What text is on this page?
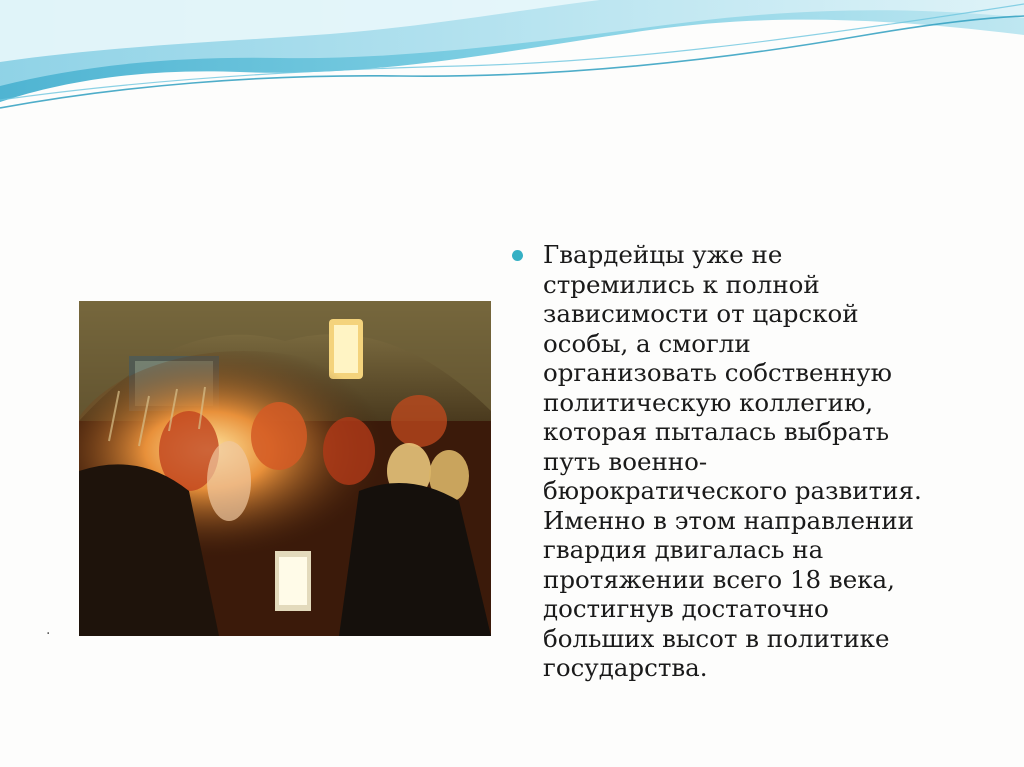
.
Гвардейцы уже не
стремились к полной
зависимости от царской
особы, а смогли
организовать собственную
политическую коллегию,
которая пыталась выбрать
путь военно-
бюрократического развития.
Именно в этом направлении
гвардия двигалась на
протяжении всего 18 века,
достигнув достаточно
больших высот в политике
государства.
